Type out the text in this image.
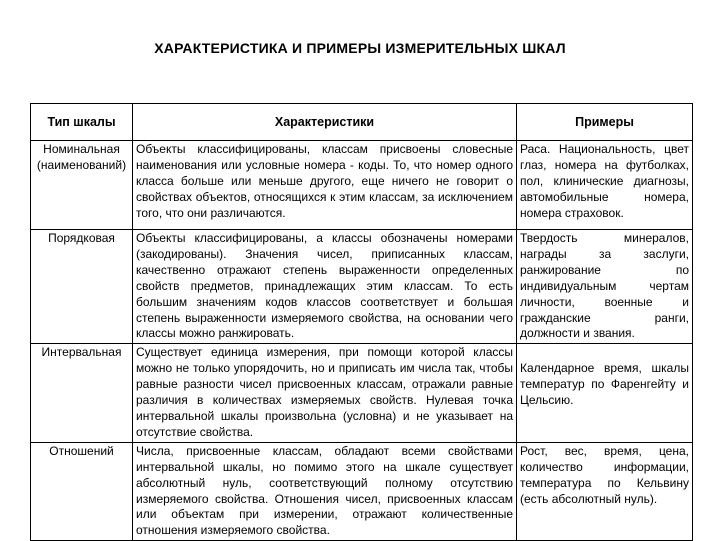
ХАРАКТЕРИСТИКА И ПРИМЕРЫ ИЗМЕРИТЕЛЬНЫХ ШКАЛ
Тип шкалы	Характеристики	Примеры
Номинальная (наименований)	Объекты классифицированы, классам присвоены словесные наименования или условные номера - коды. То, что номер одного класса больше или меньше другого, еще ничего не говорит о свойствах объектов, относящихся к этим классам, за исключением того, что они различаются.	Раса. Национальность, цвет глаз, номера на футболках, пол, клинические диагнозы, автомобильные номера, номера страховок.
Порядковая	Объекты классифицированы, а классы обозначены номерами (закодированы). Значения чисел, приписанных классам, качественно отражают степень выраженности определенных свойств предметов, принадлежащих этим классам. То есть большим значениям кодов классов соответствует и большая степень выраженности измеряемого свойства, на основании чего классы можно ранжировать.	Твердость минералов, награды за заслуги, ранжирование по индивидуальным чертам личности, военные и гражданские ранги, должности и звания.
Интервальная	Существует единица измерения, при помощи которой классы можно не только упорядочить, но и приписать им числа так, чтобы равные разности чисел присвоенных классам, отражали равные различия в количествах измеряемых свойств. Нулевая точка интервальной шкалы произвольна (условна) и не указывает на отсутствие свойства.	Календарное время, шкалы температур по Фаренгейту и Цельсию.
Отношений	Числа, присвоенные классам, обладают всеми свойствами интервальной шкалы, но помимо этого на шкале существует абсолютный нуль, соответствующий полному отсутствию измеряемого свойства. Отношения чисел, присвоенных классам или объектам при измерении, отражают количественные отношения измеряемого свойства.	Рост, вес, время, цена, количество информации, температура по Кельвину (есть абсолютный нуль).
